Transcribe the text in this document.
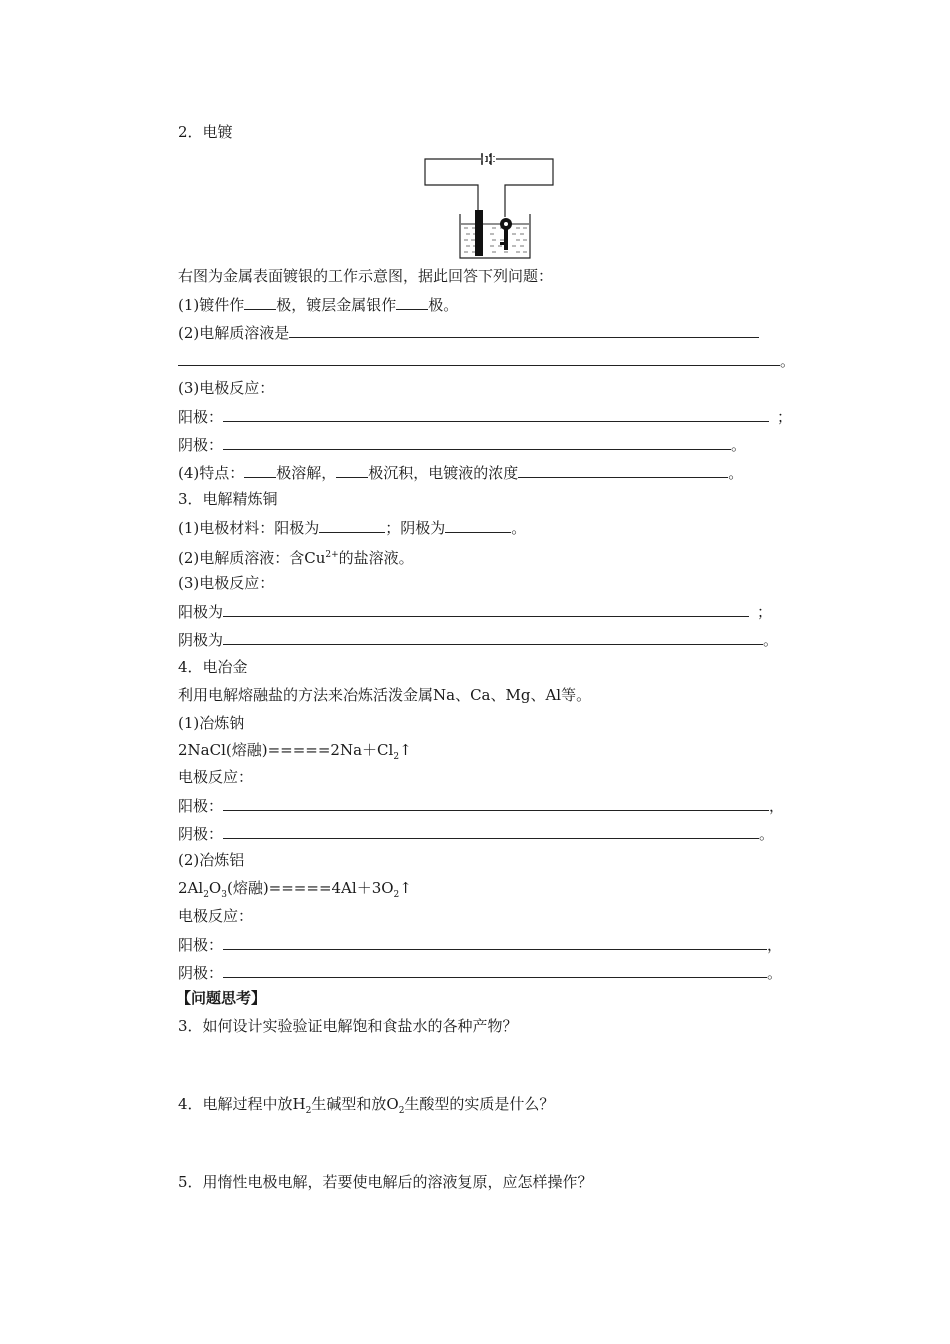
2．电镀
右图为金属表面镀银的工作示意图，据此回答下列问题：
(1)镀件作 极，镀层金属银作 极。
(2)电解质溶液是
。
(3)电极反应：
阳极：	；
阴极：	。
(4)特点： 极溶解， 极沉积，电镀液的浓度	。
3．电解精炼铜
(1)电极材料：阳极为	；阴极为	。
(2)电解质溶液：含$Cu^{2+}$的盐溶液。
(3)电极反应：
阳极为	；
阴极为	。
4．电冶金
利用电解熔融盐的方法来冶炼活泼金属Na、Ca、Mg、Al等。
(1)冶炼钠
2NaCl(熔融)$=====2Na+Cl_2↑$
电极反应：
阳极：	，
阴极：	。
(2)冶炼铝
$2Al_2O_3$(熔融)$=====4Al+3O_2↑$
电极反应：
阳极：	，
阴极：	。
【问题思考】
3．如何设计实验验证电解饱和食盐水的各种产物？
4．电解过程中放$H_2$生碱型和放$O_2$生酸型的实质是什么？
5．用惰性电极电解，若要使电解后的溶液复原，应怎样操作？
